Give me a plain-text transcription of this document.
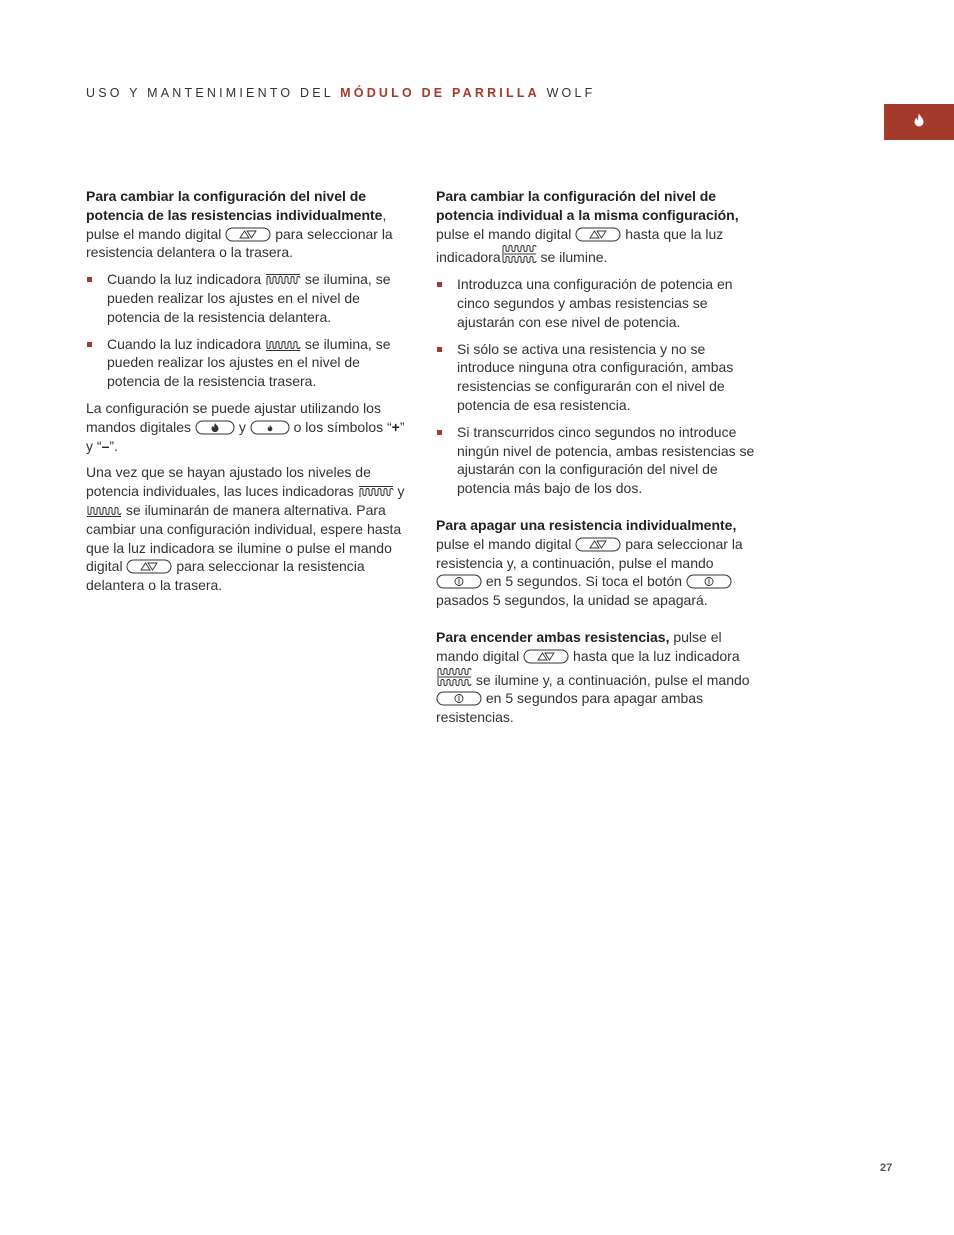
USO Y MANTENIMIENTO DEL MÓDULO DE PARRILLA WOLF

Para cambiar la configuración del nivel de potencia de las resistencias individualmente, pulse el mando digital	para seleccionar la resistencia delantera o la trasera.

Cuando la luz indicadora	se ilumina, se pueden realizar los ajustes en el nivel de potencia de la resistencia delantera.
Cuando la luz indicadora	se ilumina, se pueden realizar los ajustes en el nivel de potencia de la resistencia trasera.

La configuración se puede ajustar utilizando los mandos digitales	y	o los símbolos “+” y “–”.

Una vez que se hayan ajustado los niveles de potencia individuales, las luces indicadoras	y
se iluminarán de manera alternativa. Para cambiar una configuración individual, espere hasta que la luz indicadora se ilumine o pulse el mando digital	para seleccionar la resistencia delantera o la trasera.

Para cambiar la configuración del nivel de potencia individual a la misma configuración, pulse el mando digital	hasta que la luz indicadora	se ilumine.

Introduzca una configuración de potencia en cinco segundos y ambas resistencias se ajustarán con ese nivel de potencia.
Si sólo se activa una resistencia y no se introduce ninguna otra configuración, ambas resistencias se configurarán con el nivel de potencia de esa resistencia.
Si transcurridos cinco segundos no introduce ningún nivel de potencia, ambas resistencias se ajustarán con la configuración del nivel de potencia más bajo de los dos.

Para apagar una resistencia individualmente, pulse el mando digital	para seleccionar la resistencia y, a continuación, pulse el mando
en 5 segundos. Si toca el botón
pasados 5 segundos, la unidad se apagará.

Para encender ambas resistencias, pulse el mando digital	hasta que la luz indicadora
se ilumine y, a continuación, pulse el mando
en 5 segundos para apagar ambas resistencias.

27
